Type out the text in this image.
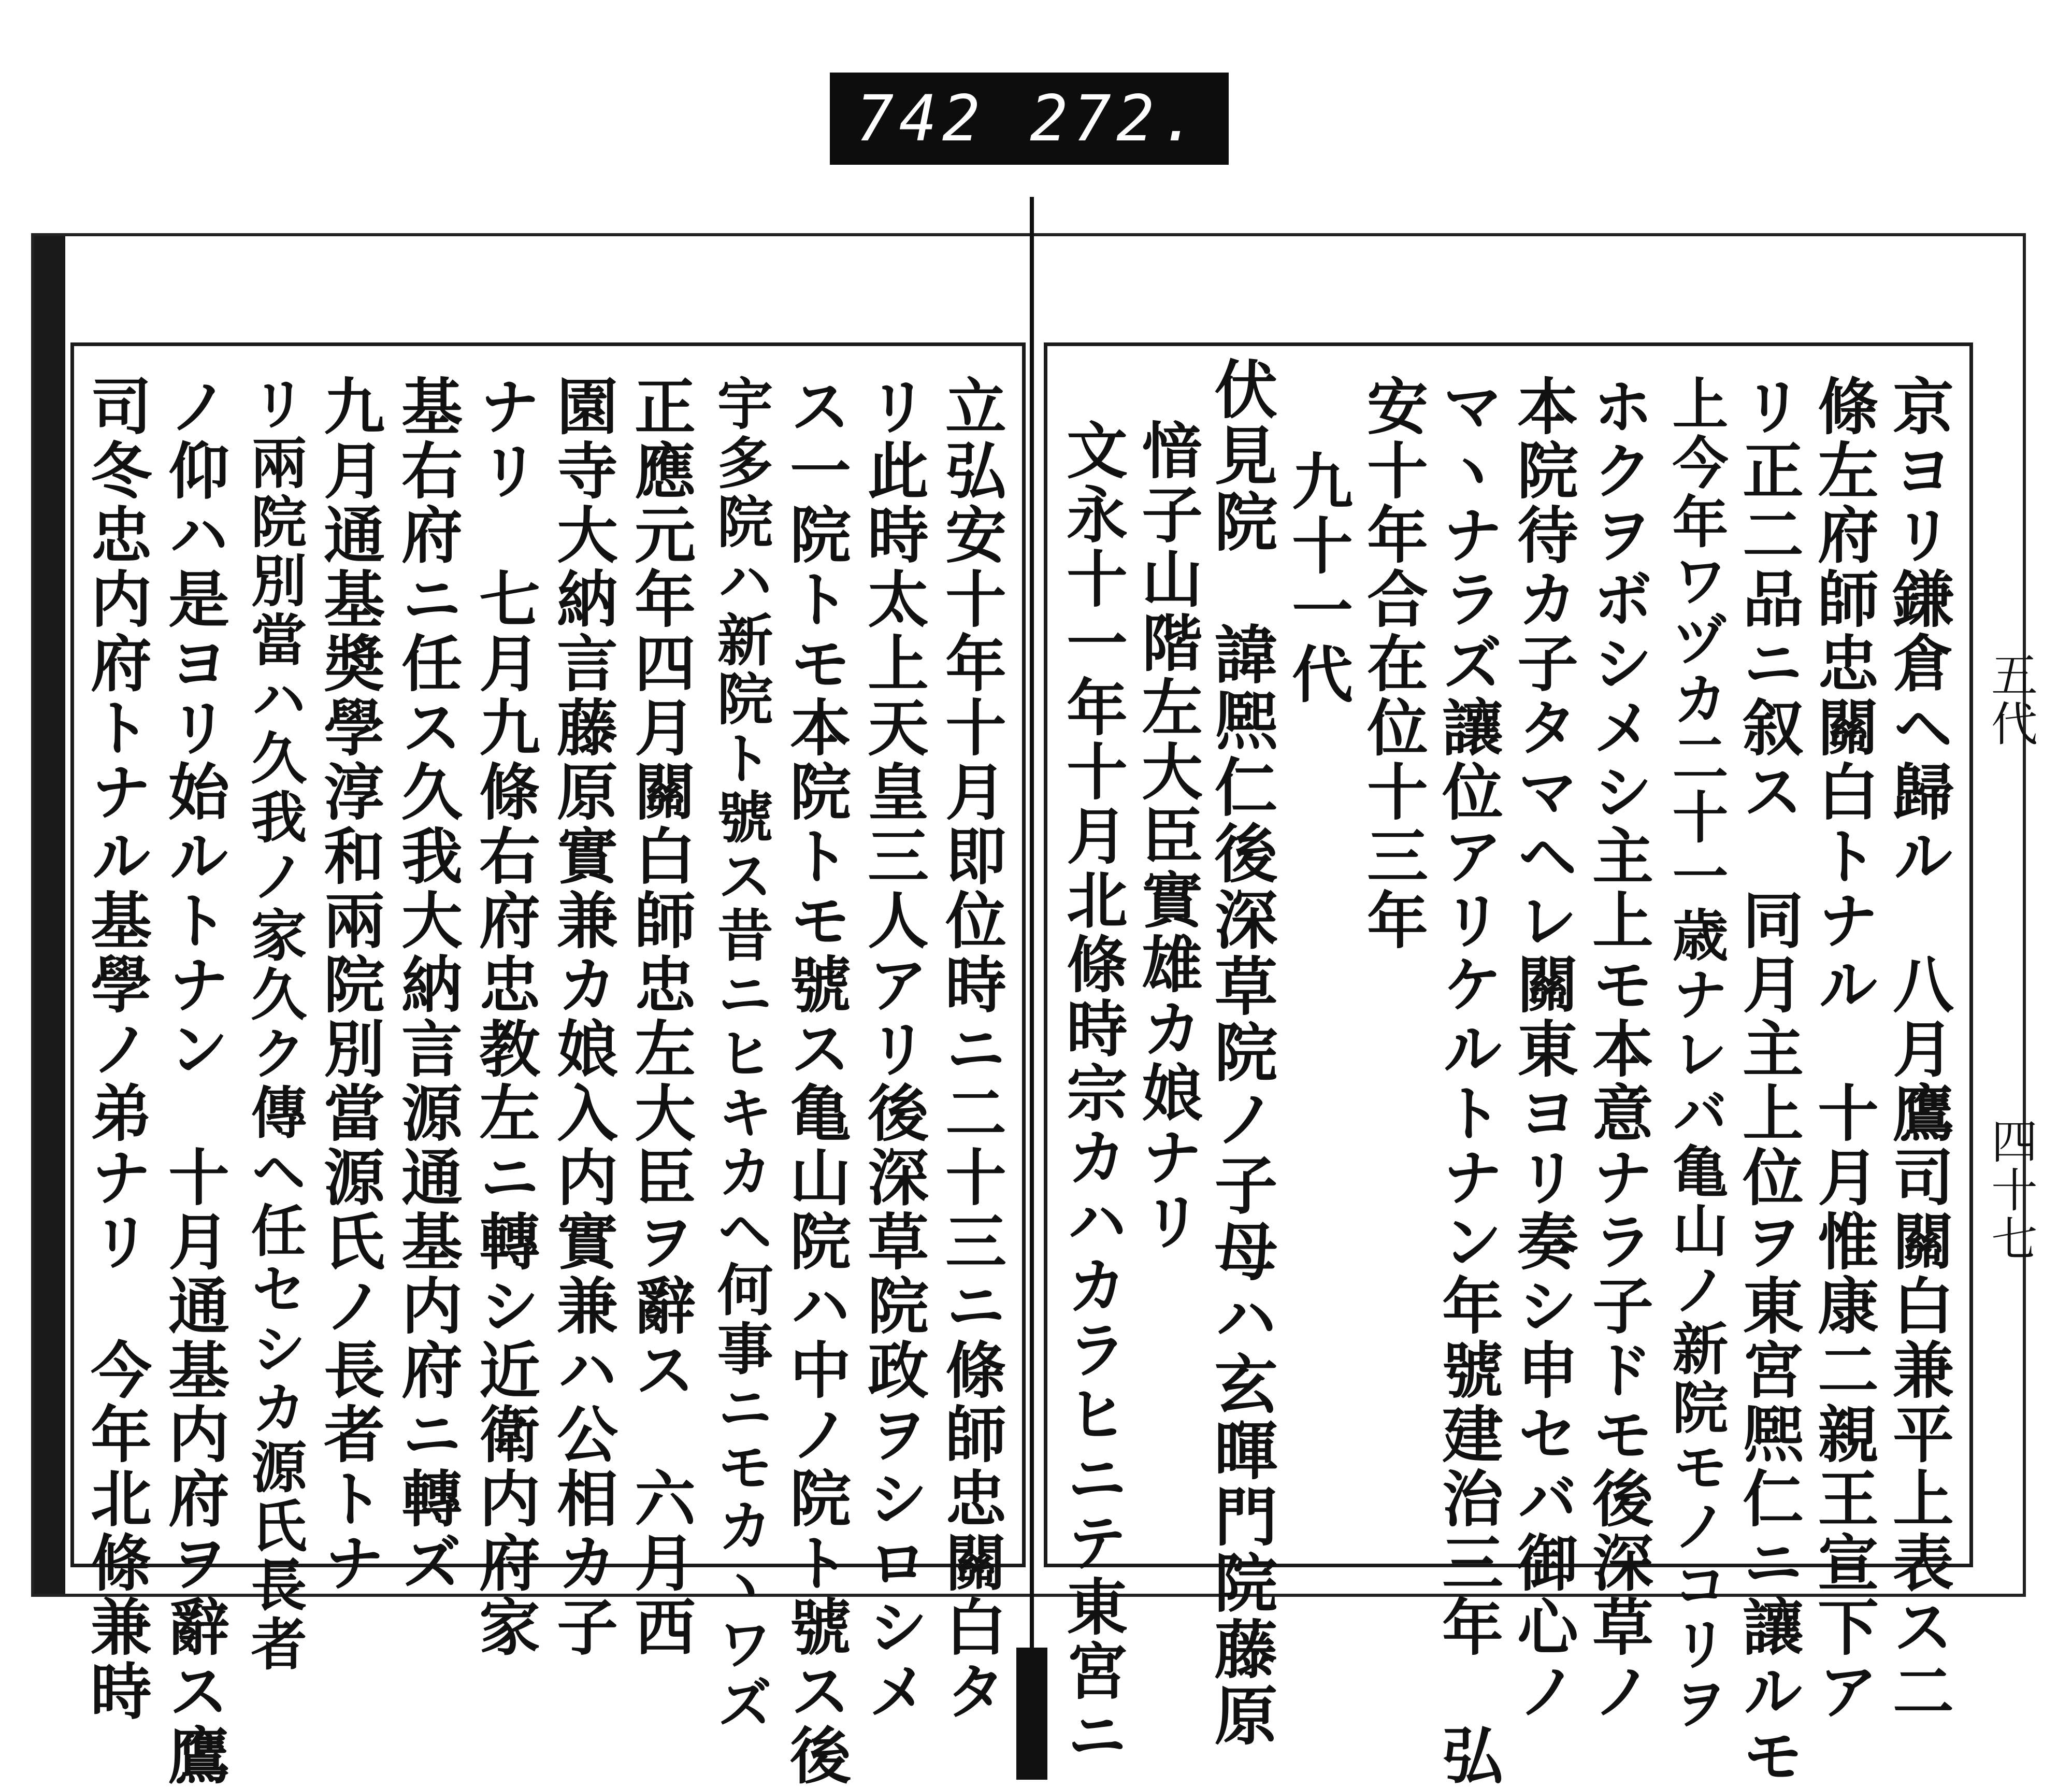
742 272.
立弘安十年十月即位時ニ二十三ニ條師忠關白タ
リ此時太上天皇三人アリ後深草院政ヲシロシメ
ス一院トモ本院トモ號ス亀山院ハ中ノ院ト號ス後
宇多院ハ新院ト號ス昔ニヒキカヘ何事ニモカヽワズ
正應元年四月關白師忠左大臣ヲ辭ス　六月西
園寺大納言藤原實兼カ娘入内實兼ハ公相カ子
ナリ　七月九條右府忠教左ニ轉シ近衛内府家
基右府ニ任ス久我大納言源通基内府ニ轉ズ
九月通基奬學淳和兩院別當源氏ノ長者トナ
リ兩院別當ハ久我ノ家久ク傳ヘ任セシカ源氏長者
ノ仰ハ是ヨリ始ルトナン　十月通基内府ヲ辭ス鷹
司冬忠内府トナル基學ノ弟ナリ　今年北條兼時	京ヨリ鎌倉ヘ歸ル　八月鷹司關白兼平上表ス二
條左府師忠關白トナル　十月惟康二親王宣下ア
リ正二品ニ叙ス　同月主上位ヲ東宮熈仁ニ讓ルモ
上今年ワヅカ二十一歳ナレバ亀山ノ新院モノコリヲ
ホクヲボシメシ主上モ本意ナラ子ドモ後深草ノ
本院待カ子タマヘレ關東ヨリ奏シ申セバ御心ノ
マヽナラズ讓位アリケルトナン年號建治三年　弘
安十年合在位十三年
九十一代
伏見院　諱熈仁後深草院ノ子母ハ玄暉門院藤原
愔子山階左大臣實雄カ娘ナリ
文永十一年十月北條時宗カハカラヒニテ東宮ニ	五代
四十七
